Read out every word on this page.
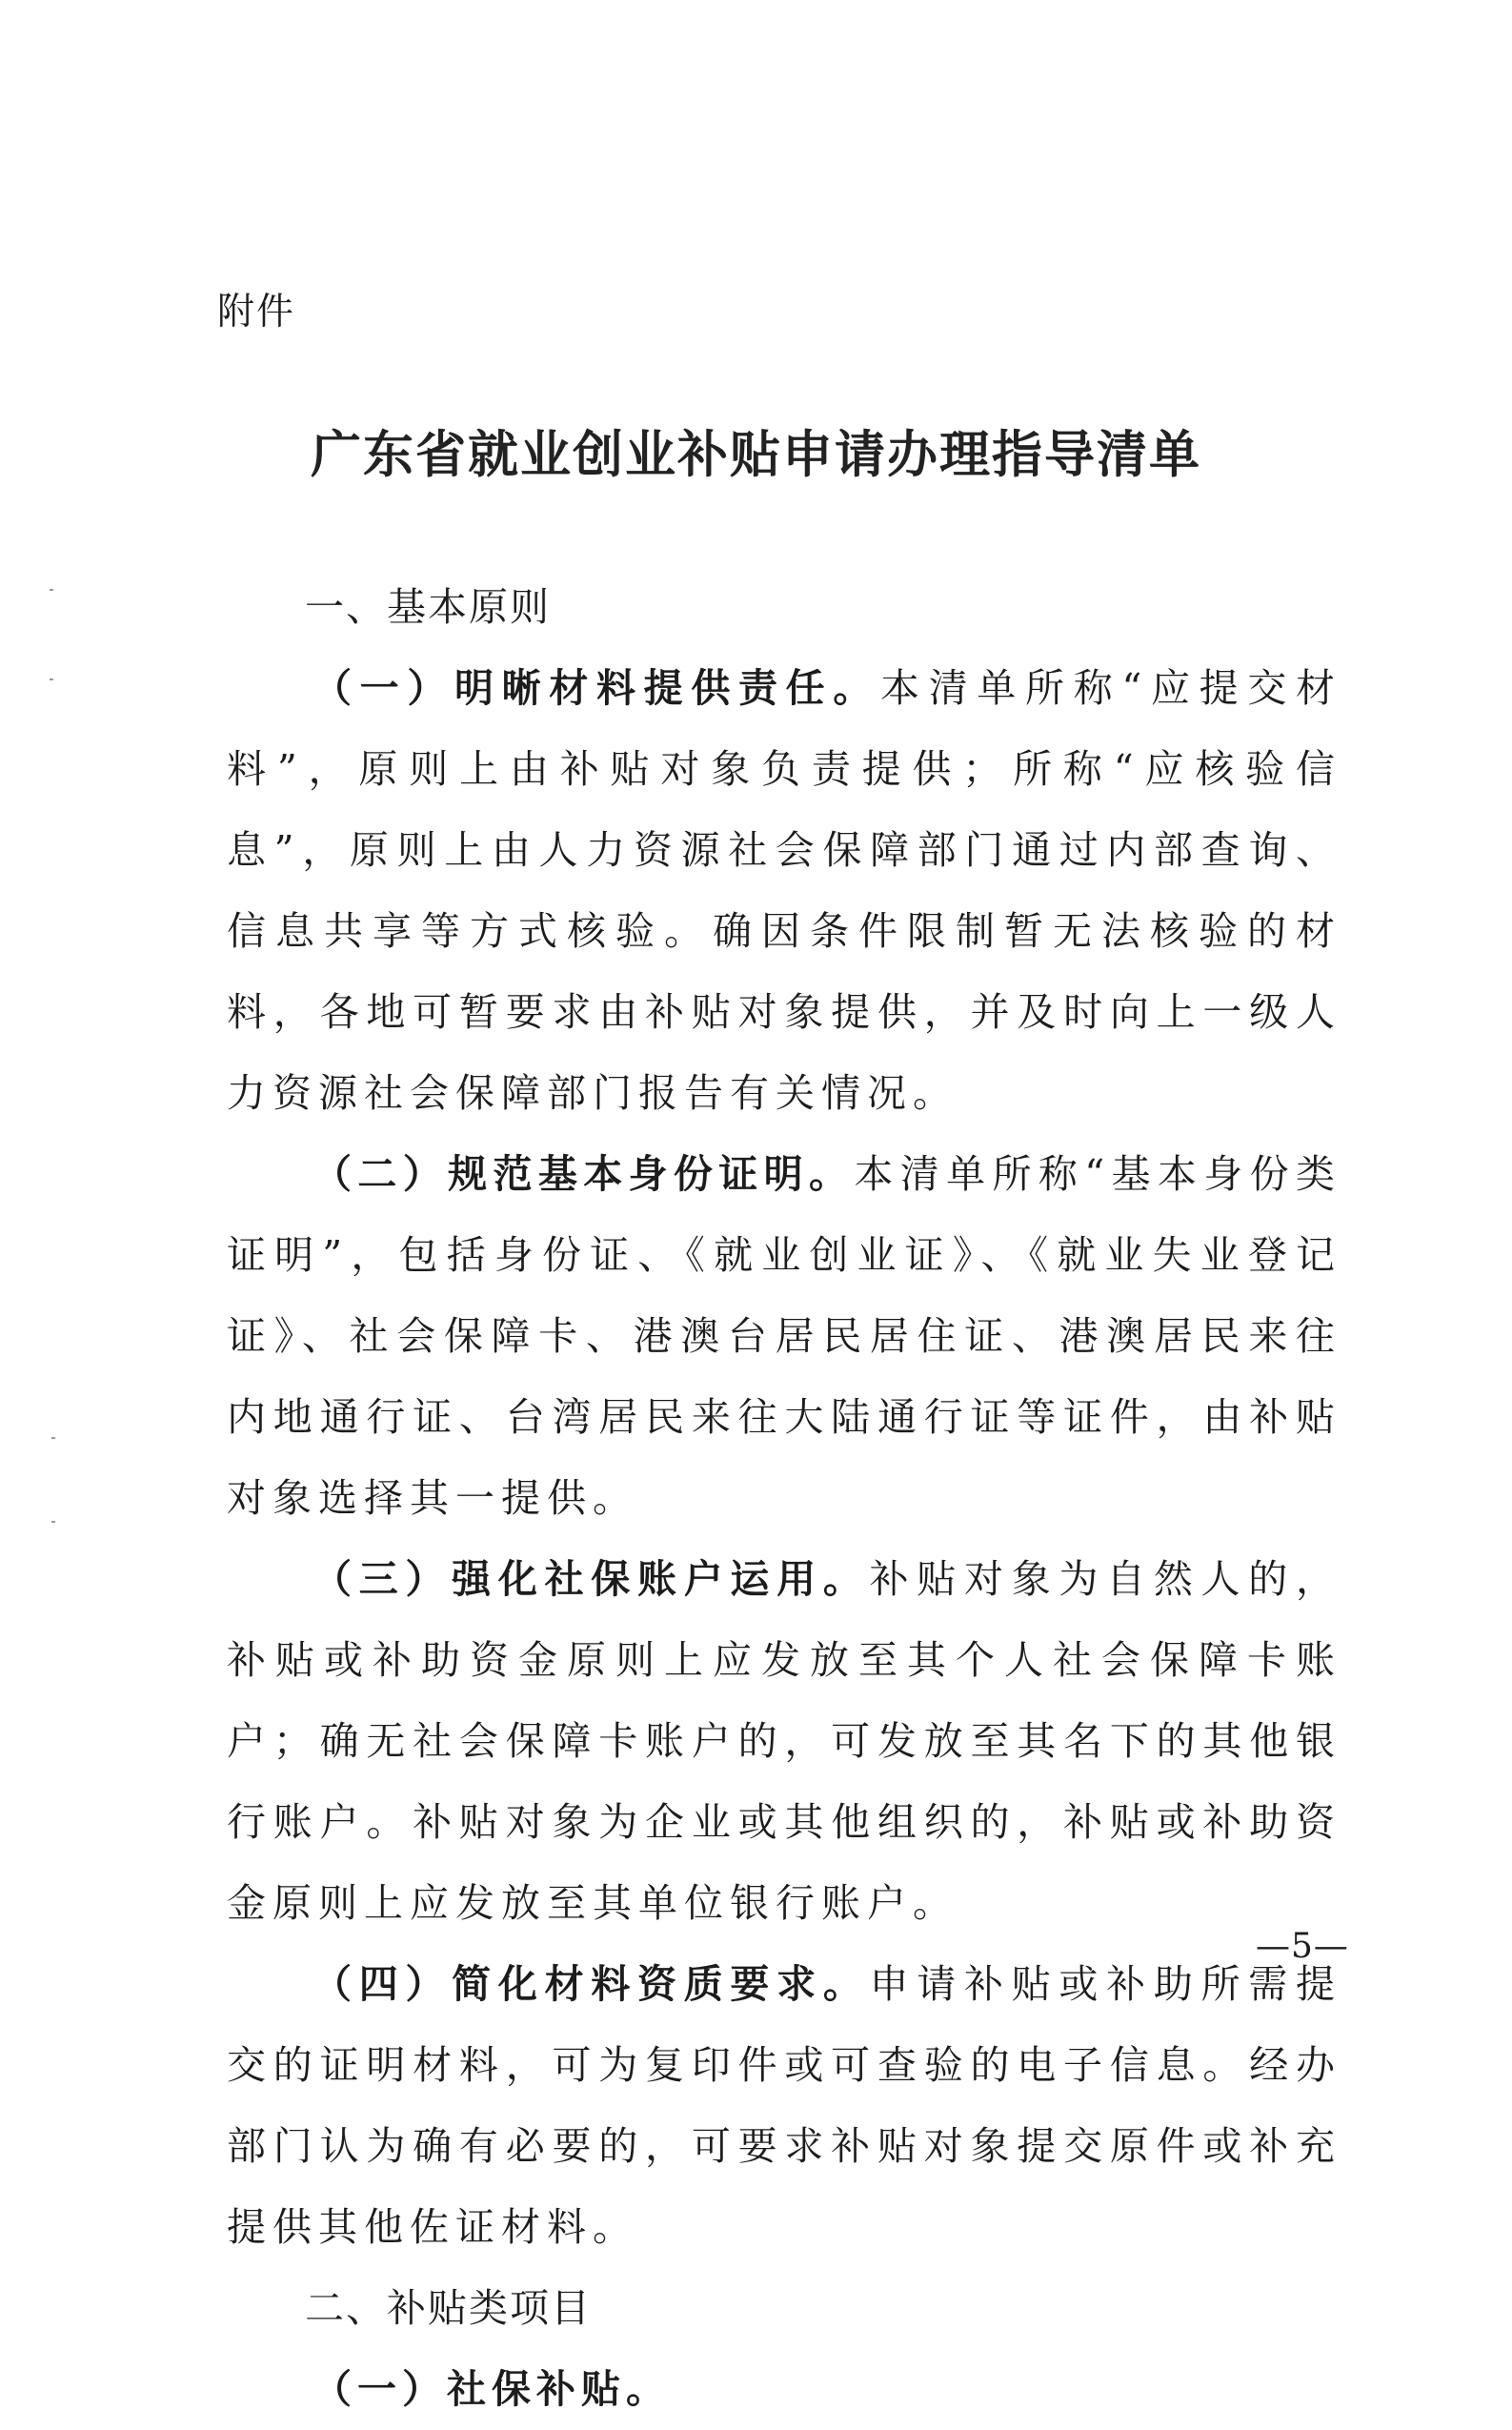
附件
广东省就业创业补贴申请办理指导清单

一、基本原则

（一）明晰材料提供责任。本清单所称“应提交材料”，原则上由补贴对象负责提供；所称“应核验信息”，原则上由人力资源社会保障部门通过内部查询、信息共享等方式核验。确因条件限制暂无法核验的材料，各地可暂要求由补贴对象提供，并及时向上一级人力资源社会保障部门报告有关情况。

（二）规范基本身份证明。本清单所称“基本身份类证明”，包括身份证、《就业创业证》、《就业失业登记证》、社会保障卡、港澳台居民居住证、港澳居民来往内地通行证、台湾居民来往大陆通行证等证件，由补贴对象选择其一提供。

（三）强化社保账户运用。补贴对象为自然人的，补贴或补助资金原则上应发放至其个人社会保障卡账户；确无社会保障卡账户的，可发放至其名下的其他银行账户。补贴对象为企业或其他组织的，补贴或补助资金原则上应发放至其单位银行账户。

（四）简化材料资质要求。申请补贴或补助所需提交的证明材料，可为复印件或可查验的电子信息。经办部门认为确有必要的，可要求补贴对象提交原件或补充提供其他佐证材料。

二、补贴类项目

（一）社保补贴。

—5—
